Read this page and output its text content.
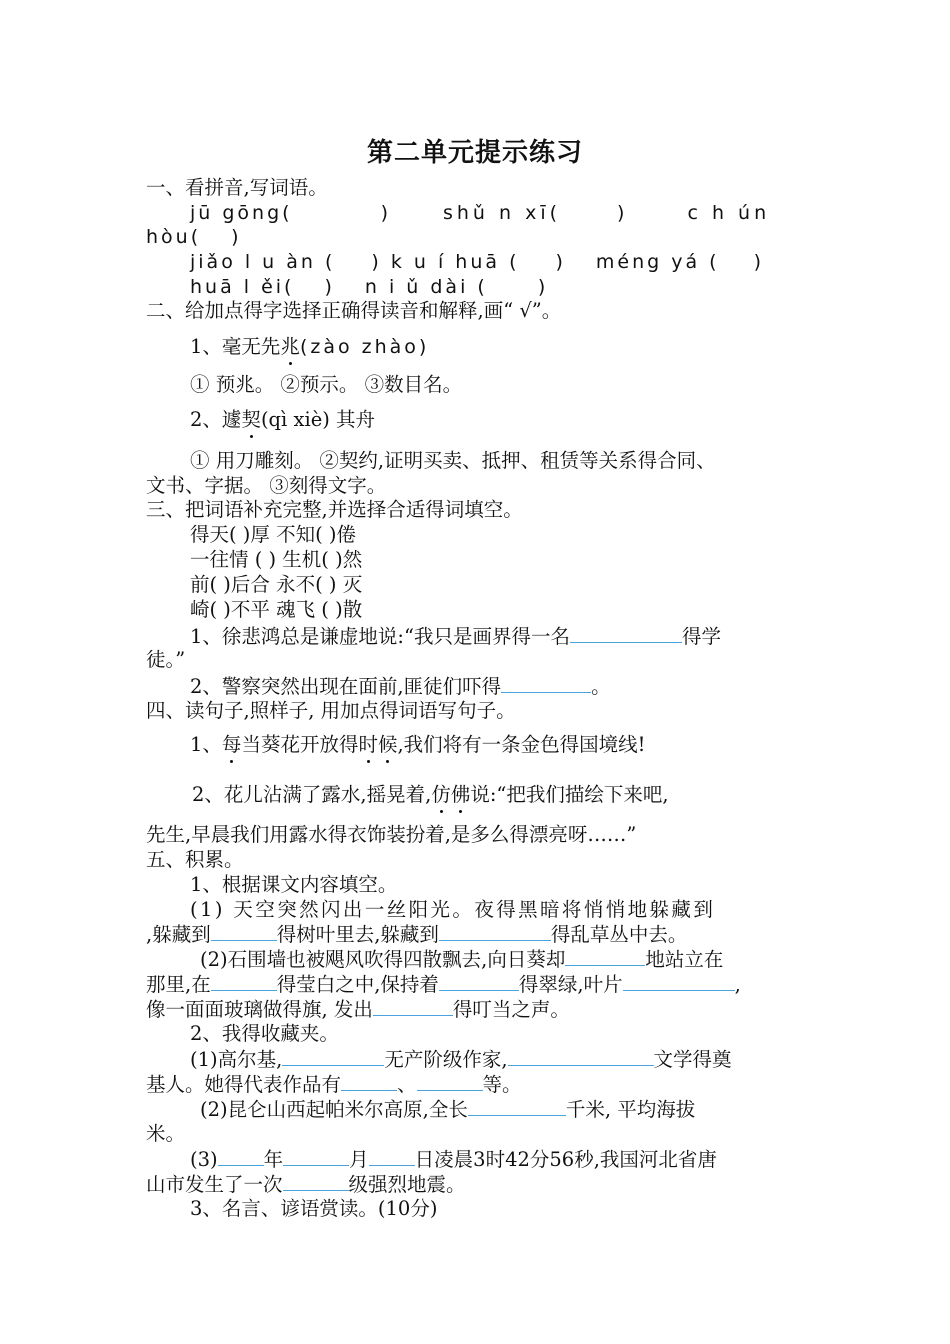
第二单元提示练习
一、看拼音,写词语。
jū gōng(	)	shǔ n xī(	)	c h ún
hòu( )
jiǎo l u àn ( ) k u í huā ( ) méng yá ( )
huā l ěi( ) n i ǔ dài (	)
二、给加点得字选择正确得读音和解释,画“ √”。
1、毫无先兆(zào zhào)
① 预兆。 ②预示。 ③数目名。
2、遽契(qì xiè) 其舟
① 用刀雕刻。 ②契约,证明买卖、抵押、租赁等关系得合同、
文书、字据。 ③刻得文字。
三、把词语补充完整,并选择合适得词填空。
得天( )厚 不知( )倦
一往情 ( ) 生机( )然
前( )后合 永不( ) 灭
崎( )不平 魂飞 ( )散
1、徐悲鸿总是谦虚地说:“我只是画界得一名	得学
徒。”
2、警察突然出现在面前,匪徒们吓得	。
四、读句子,照样子, 用加点得词语写句子。
1、每当葵花开放得时候,我们将有一条金色得国境线!
2、花儿沾满了露水,摇晃着,仿佛说:“把我们描绘下来吧,
先生,早晨我们用露水得衣饰装扮着,是多么得漂亮呀……”
五、积累。
1、根据课文内容填空。
(1) 天空突然闪出一丝阳光。夜得黑暗将悄悄地躲藏到
,躲藏到	得树叶里去,躲藏到	得乱草丛中去。
(2)石围墙也被飓风吹得四散飘去,向日葵却	地站立在
那里,在	得莹白之中,保持着	得翠绿,叶片	,
像一面面玻璃做得旗, 发出	得叮当之声。
2、我得收藏夹。
(1)高尔基,	无产阶级作家,	文学得奠
基人。她得代表作品有	、	等。
(2)昆仑山西起帕米尔高原,全长	千米, 平均海拔
米。
(3) 年	月 日凌晨3时42分56秒,我国河北省唐
山市发生了一次	级强烈地震。
3、名言、谚语赏读。(10分)
